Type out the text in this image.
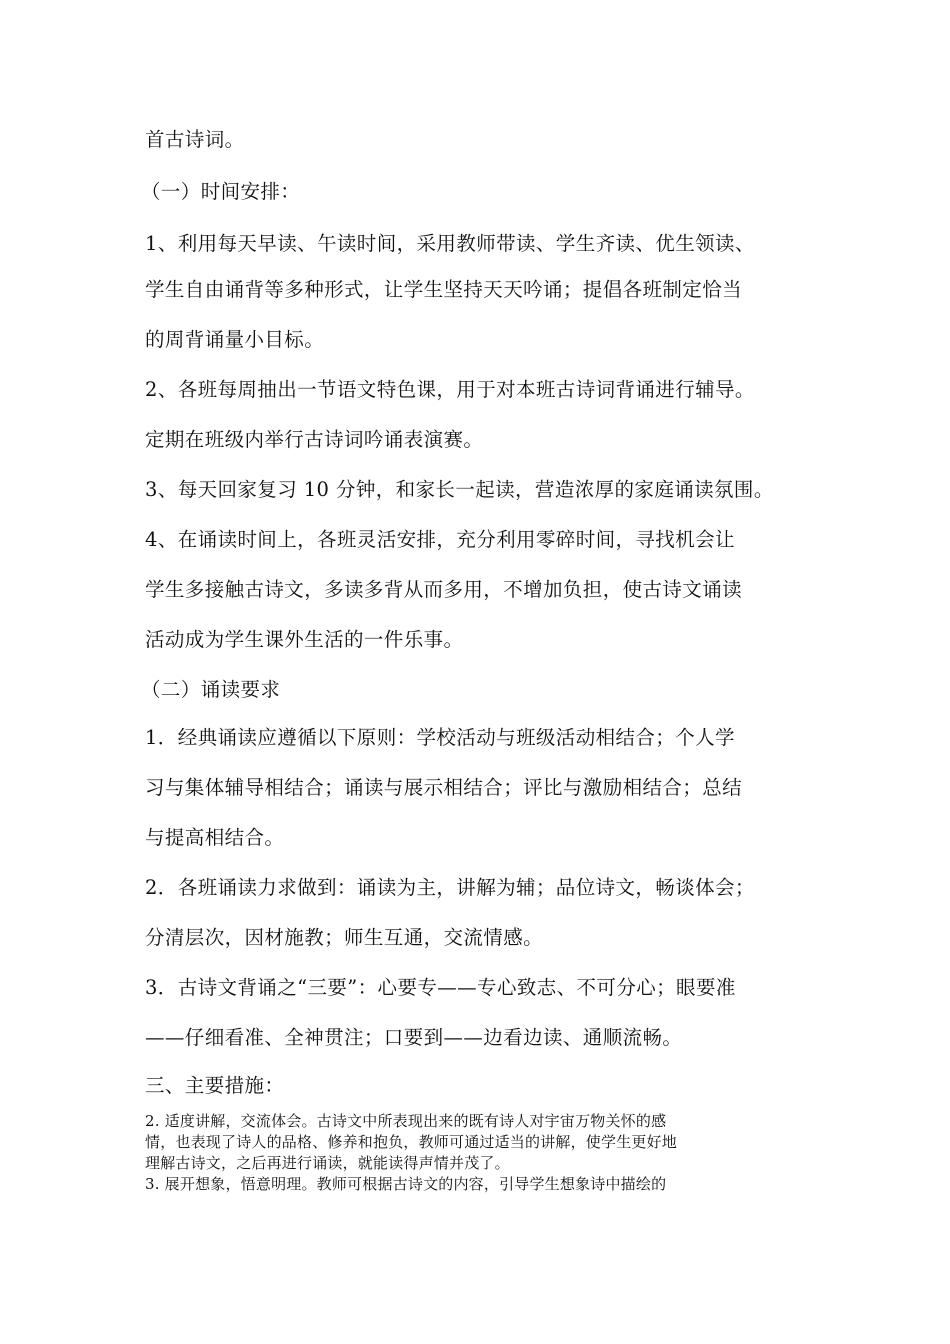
首古诗词。
（一）时间安排：
1、利用每天早读、午读时间，采用教师带读、学生齐读、优生领读、
学生自由诵背等多种形式，让学生坚持天天吟诵；提倡各班制定恰当
的周背诵量小目标。
2、各班每周抽出一节语文特色课，用于对本班古诗词背诵进行辅导。
定期在班级内举行古诗词吟诵表演赛。
3、每天回家复习 10 分钟，和家长一起读，营造浓厚的家庭诵读氛围。
4、在诵读时间上，各班灵活安排，充分利用零碎时间，寻找机会让
学生多接触古诗文，多读多背从而多用，不增加负担，使古诗文诵读
活动成为学生课外生活的一件乐事。
（二）诵读要求
1．经典诵读应遵循以下原则：学校活动与班级活动相结合；个人学
习与集体辅导相结合；诵读与展示相结合；评比与激励相结合；总结
与提高相结合。
2．各班诵读力求做到：诵读为主，讲解为辅；品位诗文，畅谈体会；
分清层次，因材施教；师生互通，交流情感。
3．古诗文背诵之“三要”：心要专——专心致志、不可分心；眼要准
——仔细看准、全神贯注；口要到——边看边读、通顺流畅。
三、主要措施：
2. 适度讲解，交流体会。古诗文中所表现出来的既有诗人对宇宙万物关怀的感
情，也表现了诗人的品格、修养和抱负，教师可通过适当的讲解，使学生更好地
理解古诗文，之后再进行诵读，就能读得声情并茂了。
3. 展开想象，悟意明理。教师可根据古诗文的内容，引导学生想象诗中描绘的
